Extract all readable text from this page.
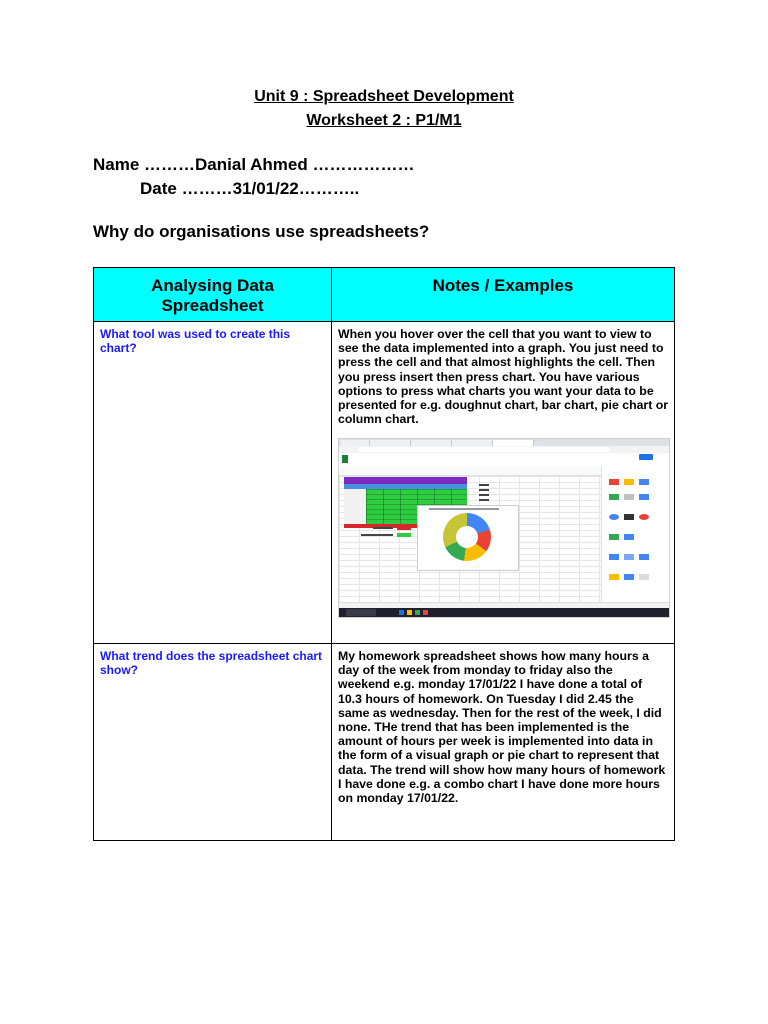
Unit 9 : Spreadsheet Development
Worksheet 2 : P1/M1
Name ………Danial Ahmed ………………
Date ………31/01/22………..
Why do organisations use spreadsheets?
Analysing Data Spreadsheet	Notes / Examples

What tool was used to create this chart?	When you hover over the cell that you want to view to see the data implemented into a graph. You just need to press the cell and that almost highlights the cell. Then you press insert then press chart. You have various options to press what charts you want your data to be presented for e.g. doughnut chart, bar chart, pie chart or column chart.

What trend does the spreadsheet chart show?	My homework spreadsheet shows how many hours a day of the week from monday to friday also the weekend e.g. monday 17/01/22 I have done a total of 10.3 hours of homework. On Tuesday I did 2.45 the same as wednesday. Then for the rest of the week, I did none. THe trend that has been implemented is the amount of hours per week is implemented into data in the form of a visual graph or pie chart to represent that data. The trend will show how many hours of homework I have done e.g. a combo chart I have done more hours on monday 17/01/22.
